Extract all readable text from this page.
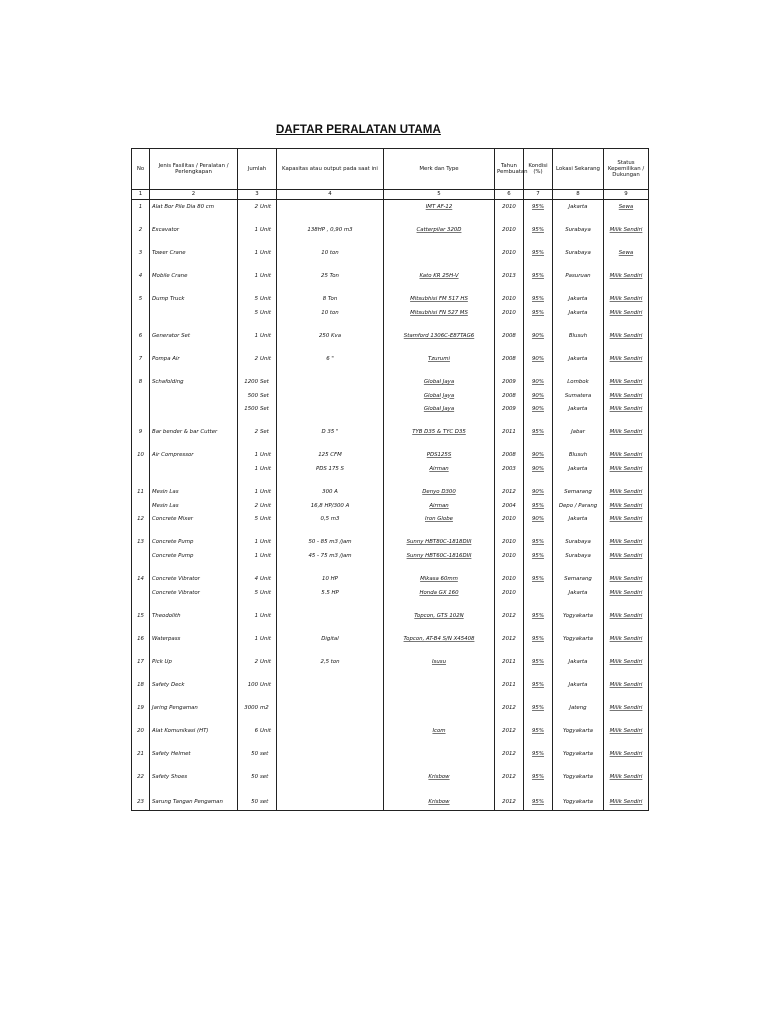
DAFTAR PERALATAN UTAMA
No	Jenis Fasilitas / Peralatan / Perlengkapan	Jumlah	Kapasitas atau output pada saat ini	Merk dan Type	Tahun Pembuatan	Kondisi (%)	Lokasi Sekarang	Status Kepemilikan / Dukungan
1	2	3	4	5	6	7	8	9
1	Alat Bor Pile Dia 80 cm	2 Unit		IMT AF-12	2010	95%	Jakarta	Sewa

2	Excavator	1 Unit	138HP , 0,90 m3	Catterpilar 320D	2010	95%	Surabaya	Milik Sendiri

3	Tower Crane	1 Unit	10 ton		2010	95%	Surabaya	Sewa

4	Mobile Crane	1 Unit	25 Ton	Kato KR 25H-V	2013	95%	Pasuruan	Milik Sendiri

5	Dump Truck	5 Unit	8 Ton	Mitsubhisi FM 517 HS	2010	95%	Jakarta	Milik Sendiri
		5 Unit	10 ton	Mitsubhisi FN 527 MS	2010	95%	Jakarta	Milik Sendiri

6	Generator Set	1 Unit	250 Kva	Stamford 1306C-E87TAG6	2008	90%	Blusuh	Milik Sendiri

7	Pompa Air	2 Unit	6 "	Tzurumi	2008	90%	Jakarta	Milik Sendiri

8	Schafolding	1200 Set		Global Jaya	2009	90%	Lombok	Milik Sendiri
		500 Set		Global Jaya	2008	90%	Sumatera	Milik Sendiri
		1500 Set		Global Jaya	2009	90%	Jakarta	Milik Sendiri

9	Bar bender & bar Cutter	2 Set	D 35 "	TYB D35 & TYC D35	2011	95%	Jabar	Milik Sendiri

10	Air Compressor	1 Unit	125 CFM	PDS125S	2008	90%	Blusuh	Milik Sendiri
		1 Unit	PDS 175 S	Airman	2003	90%	Jakarta	Milik Sendiri

11	Mesin Las	1 Unit	300 A	Denyo D300	2012	90%	Semarang	Milik Sendiri
	Mesin Las	2 Unit	16,8 HP/300 A	Airman	2004	95%	Depo / Parang	Milik Sendiri
12	Concrete Mixer	5 Unit	0,5 m3	Iron Globe	2010	90%	Jakarta	Milik Sendiri

13	Concrete Pump	1 Unit	50 - 85 m3 /jam	Sunny HBT80C-1818DIII	2010	95%	Surabaya	Milik Sendiri
	Concrete Pump	1 Unit	45 - 75 m3 /jam	Sunny HBT60C-1816DIII	2010	95%	Surabaya	Milik Sendiri

14	Concrete Vibrator	4 Unit	10 HP	Mikasa 60mm	2010	95%	Semarang	Milik Sendiri
	Concrete Vibrator	5 Unit	5.5 HP	Honda GX 160	2010		Jakarta	Milik Sendiri

15	Theodolith	1 Unit		Topcon, GTS 102N	2012	95%	Yogyakarta	Milik Sendiri

16	Waterpass	1 Unit	Digital	Topcon, AT-B4 S/N X45408	2012	95%	Yogyakarta	Milik Sendiri

17	Pick Up	2 Unit	2,5 ton	Isusu	2011	95%	Jakarta	Milik Sendiri

18	Safety Deck	100 Unit			2011	95%	Jakarta	Milik Sendiri

19	Jaring Pengaman	3000 m2			2012	95%	Jateng	Milik Sendiri

20	Alat Komunikasi (HT)	6 Unit		Icom	2012	95%	Yogyakarta	Milik Sendiri

21	Safety Helmet	50 set			2012	95%	Yogyakarta	Milik Sendiri

22	Safety Shoes	50 set		Krisbow	2012	95%	Yogyakarta	Milik Sendiri

23	Sarung Tangan Pengaman	50 set		Krisbow	2012	95%	Yogyakarta	Milik Sendiri
